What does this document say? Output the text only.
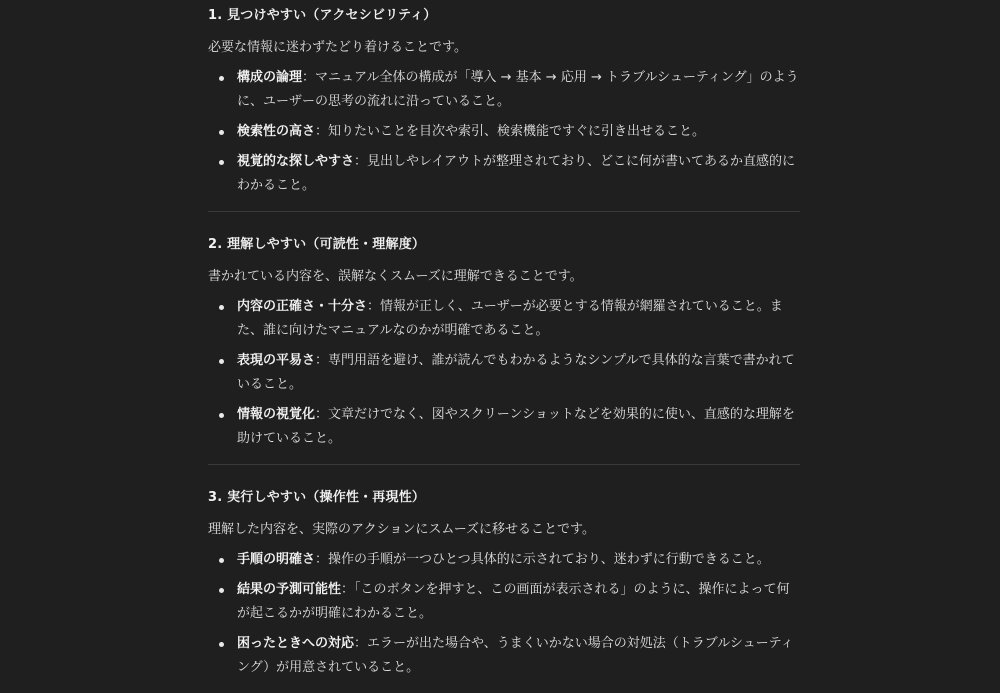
1. 見つけやすい（アクセシビリティ）

必要な情報に迷わずたどり着けることです。

構成の論理：マニュアル全体の構成が「導入 → 基本 → 応用 → トラブルシューティング」のように、ユーザーの思考の流れに沿っていること。
検索性の高さ：知りたいことを目次や索引、検索機能ですぐに引き出せること。
視覚的な探しやすさ：見出しやレイアウトが整理されており、どこに何が書いてあるか直感的にわかること。
2. 理解しやすい（可読性・理解度）

書かれている内容を、誤解なくスムーズに理解できることです。

内容の正確さ・十分さ：情報が正しく、ユーザーが必要とする情報が網羅されていること。また、誰に向けたマニュアルなのかが明確であること。
表現の平易さ：専門用語を避け、誰が読んでもわかるようなシンプルで具体的な言葉で書かれていること。
情報の視覚化：文章だけでなく、図やスクリーンショットなどを効果的に使い、直感的な理解を助けていること。
3. 実行しやすい（操作性・再現性）

理解した内容を、実際のアクションにスムーズに移せることです。

手順の明確さ：操作の手順が一つひとつ具体的に示されており、迷わずに行動できること。
結果の予測可能性：「このボタンを押すと、この画面が表示される」のように、操作によって何が起こるかが明確にわかること。
困ったときへの対応：エラーが出た場合や、うまくいかない場合の対処法（トラブルシューティング）が用意されていること。
